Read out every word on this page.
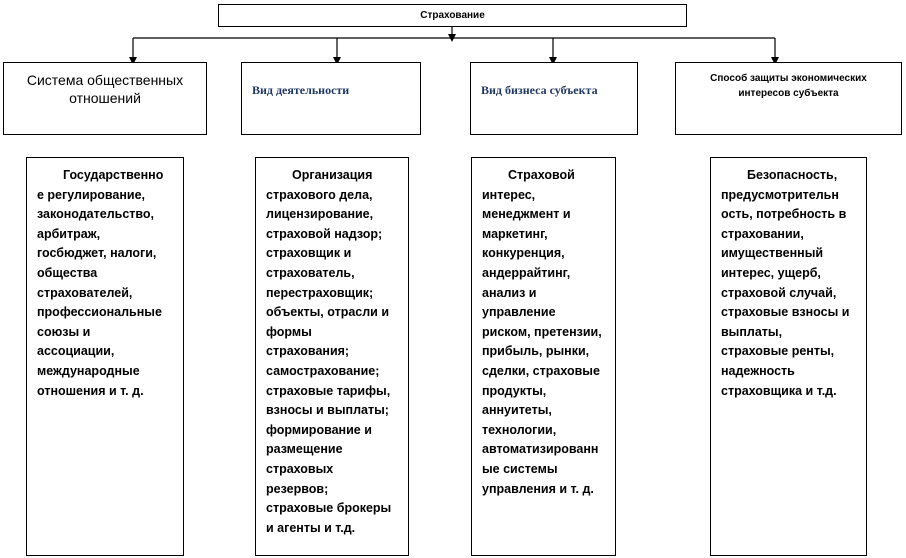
Страхование
Система общественных отношений	Вид деятельности	Вид бизнеса субъекта
Способ защиты экономических интересов субъекта
Государственно
е регулирование,
законодательство,
арбитраж,
госбюджет, налоги,
общества
страхователей,
профессиональные
союзы и
ассоциации,
международные
отношения и т. д.
Организация
страхового дела,
лицензирование,
страховой надзор;
страховщик и
страхователь,
перестраховщик;
объекты, отрасли и
формы
страхования;
самострахование;
страховые тарифы,
взносы и выплаты;
формирование и
размещение
страховых
резервов;
страховые брокеры
и агенты и т.д.
Страховой
интерес,
менеджмент и
маркетинг,
конкуренция,
андеррайтинг,
анализ и
управление
риском, претензии,
прибыль, рынки,
сделки, страховые
продукты,
аннуитеты,
технологии,
автоматизированн
ые системы
управления и т. д.
Безопасность,
предусмотрительн
ость, потребность в
страховании,
имущественный
интерес, ущерб,
страховой случай,
страховые взносы и
выплаты,
страховые ренты,
надежность
страховщика и т.д.
